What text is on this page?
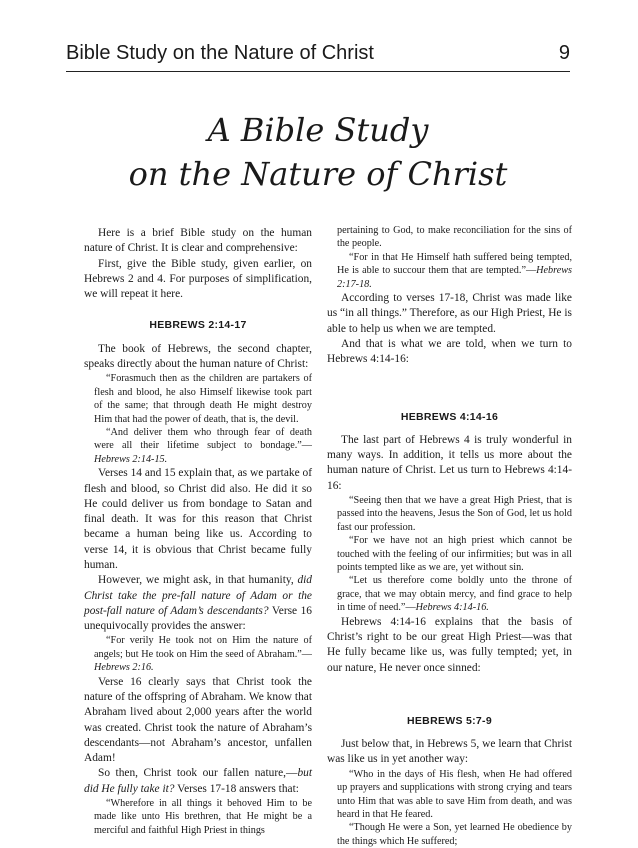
Bible Study on the Nature of Christ	9
A Bible Study
on the Nature of Christ

Here is a brief Bible study on the human nature of Christ. It is clear and comprehensive:

First, give the Bible study, given earlier, on Hebrews 2 and 4. For purposes of simplification, we will repeat it here.

HEBREWS 2:14-17

The book of Hebrews, the second chapter, speaks directly about the human nature of Christ:

“Forasmuch then as the children are partakers of flesh and blood, he also Himself likewise took part of the same; that through death He might destroy Him that had the power of death, that is, the devil.
“And deliver them who through fear of death were all their lifetime subject to bondage.”—Hebrews 2:14-15.

Verses 14 and 15 explain that, as we partake of flesh and blood, so Christ did also. He did it so He could deliver us from bondage to Satan and final death. It was for this reason that Christ became a human being like us. According to verse 14, it is obvious that Christ became fully human.

However, we might ask, in that humanity, did Christ take the pre-fall nature of Adam or the post-fall nature of Adam’s descendants? Verse 16 unequivocally provides the answer:

“For verily He took not on Him the nature of angels; but He took on Him the seed of Abraham.”—Hebrews 2:16.

Verse 16 clearly says that Christ took the nature of the offspring of Abraham. We know that Abraham lived about 2,000 years after the world was created. Christ took the nature of Abraham’s descendants—not Abraham’s ancestor, unfallen Adam!

So then, Christ took our fallen nature,—but did He fully take it? Verses 17-18 answers that:

“Wherefore in all things it behoved Him to be made like unto His brethren, that He might be a merciful and faithful High Priest in things
pertaining to God, to make reconciliation for the sins of the people.
“For in that He Himself hath suffered being tempted, He is able to succour them that are tempted.”—Hebrews 2:17-18.

According to verses 17-18, Christ was made like us “in all things.” Therefore, as our High Priest, He is able to help us when we are tempted.

And that is what we are told, when we turn to Hebrews 4:14-16:

HEBREWS 4:14-16

The last part of Hebrews 4 is truly wonderful in many ways. In addition, it tells us more about the human nature of Christ. Let us turn to Hebrews 4:14-16:

“Seeing then that we have a great High Priest, that is passed into the heavens, Jesus the Son of God, let us hold fast our profession.
“For we have not an high priest which cannot be touched with the feeling of our infirmities; but was in all points tempted like as we are, yet without sin.
“Let us therefore come boldly unto the throne of grace, that we may obtain mercy, and find grace to help in time of need.”—Hebrews 4:14-16.

Hebrews 4:14-16 explains that the basis of Christ’s right to be our great High Priest—was that He fully became like us, was fully tempted; yet, in our nature, He never once sinned:

HEBREWS 5:7-9

Just below that, in Hebrews 5, we learn that Christ was like us in yet another way:

“Who in the days of His flesh, when He had offered up prayers and supplications with strong crying and tears unto Him that was able to save Him from death, and was heard in that He feared.
“Though He were a Son, yet learned He obedience by the things which He suffered;
